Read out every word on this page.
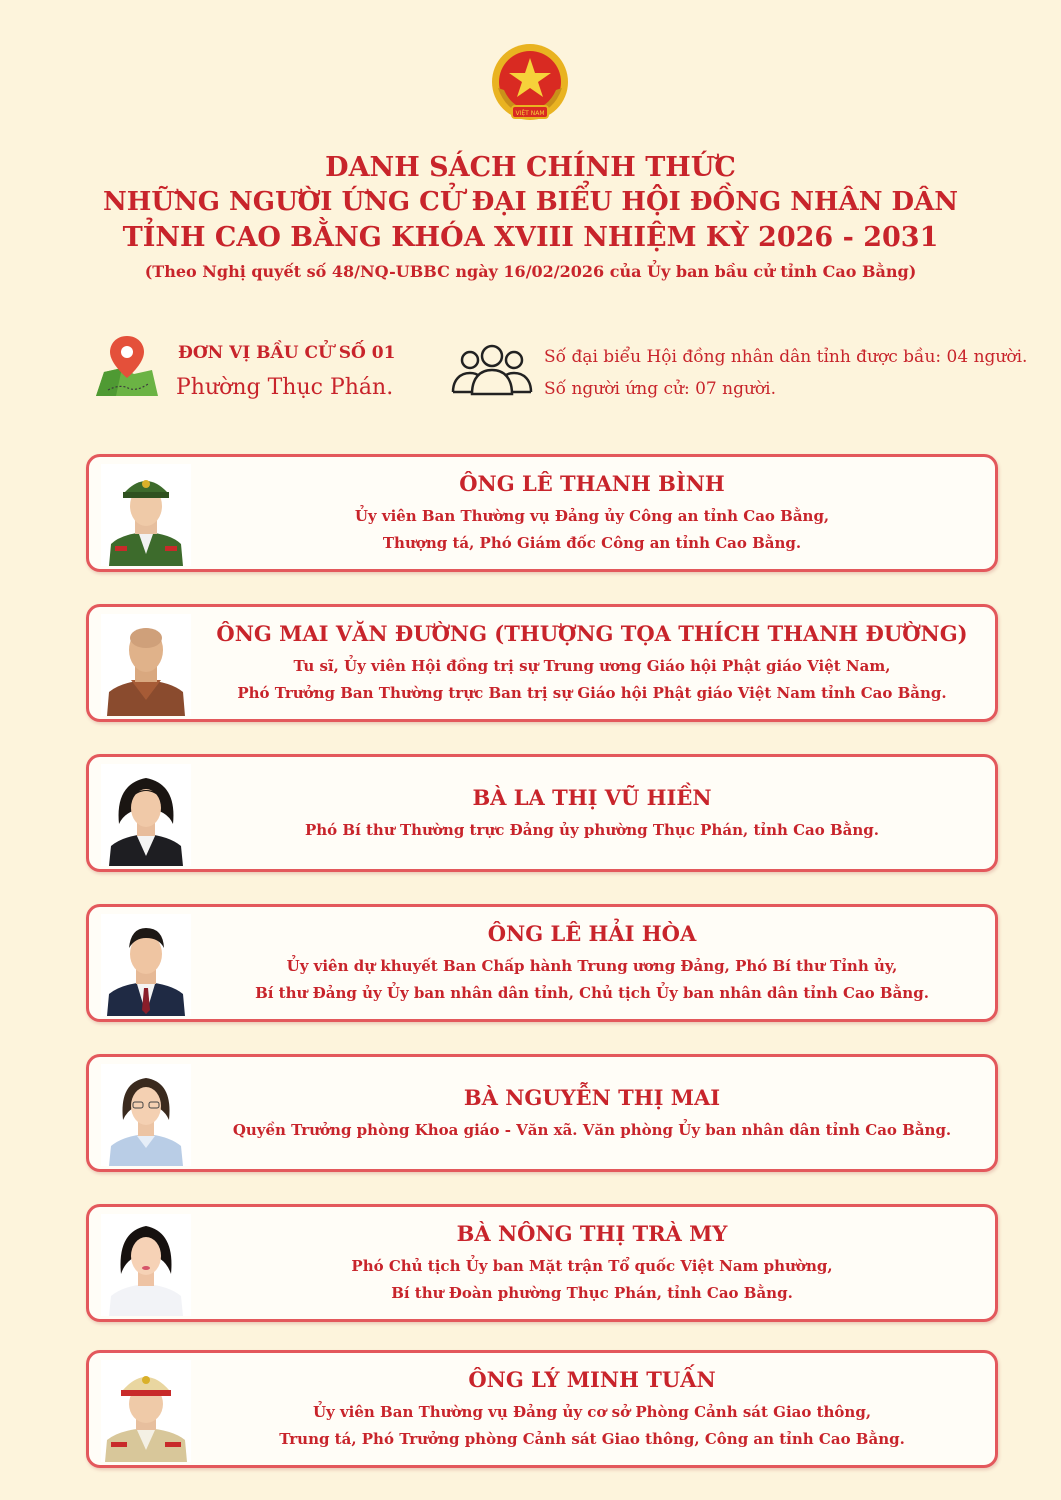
VIỆT NAM
DANH SÁCH CHÍNH THỨC
NHỮNG NGƯỜI ỨNG CỬ ĐẠI BIỂU HỘI ĐỒNG NHÂN DÂN
TỈNH CAO BẰNG KHÓA XVIII NHIỆM KỲ 2026 - 2031
(Theo Nghị quyết số 48/NQ-UBBC ngày 16/02/2026 của Ủy ban bầu cử tỉnh Cao Bằng)
ĐƠN VỊ BẦU CỬ SỐ 01
Phường Thục Phán.
Số đại biểu Hội đồng nhân dân tỉnh được bầu: 04 người.
Số người ứng cử: 07 người.
ÔNG LÊ THANH BÌNH
Ủy viên Ban Thường vụ Đảng ủy Công an tỉnh Cao Bằng,
Thượng tá, Phó Giám đốc Công an tỉnh Cao Bằng.
ÔNG MAI VĂN ĐƯỜNG (THƯỢNG TỌA THÍCH THANH ĐƯỜNG)
Tu sĩ, Ủy viên Hội đồng trị sự Trung ương Giáo hội Phật giáo Việt Nam,
Phó Trưởng Ban Thường trực Ban trị sự Giáo hội Phật giáo Việt Nam tỉnh Cao Bằng.
BÀ LA THỊ VŨ HIỀN
Phó Bí thư Thường trực Đảng ủy phường Thục Phán, tỉnh Cao Bằng.
ÔNG LÊ HẢI HÒA
Ủy viên dự khuyết Ban Chấp hành Trung ương Đảng, Phó Bí thư Tỉnh ủy,
Bí thư Đảng ủy Ủy ban nhân dân tỉnh, Chủ tịch Ủy ban nhân dân tỉnh Cao Bằng.
BÀ NGUYỄN THỊ MAI
Quyền Trưởng phòng Khoa giáo - Văn xã. Văn phòng Ủy ban nhân dân tỉnh Cao Bằng.
BÀ NÔNG THỊ TRÀ MY
Phó Chủ tịch Ủy ban Mặt trận Tổ quốc Việt Nam phường,
Bí thư Đoàn phường Thục Phán, tỉnh Cao Bằng.
ÔNG LÝ MINH TUẤN
Ủy viên Ban Thường vụ Đảng ủy cơ sở Phòng Cảnh sát Giao thông,
Trung tá, Phó Trưởng phòng Cảnh sát Giao thông, Công an tỉnh Cao Bằng.
